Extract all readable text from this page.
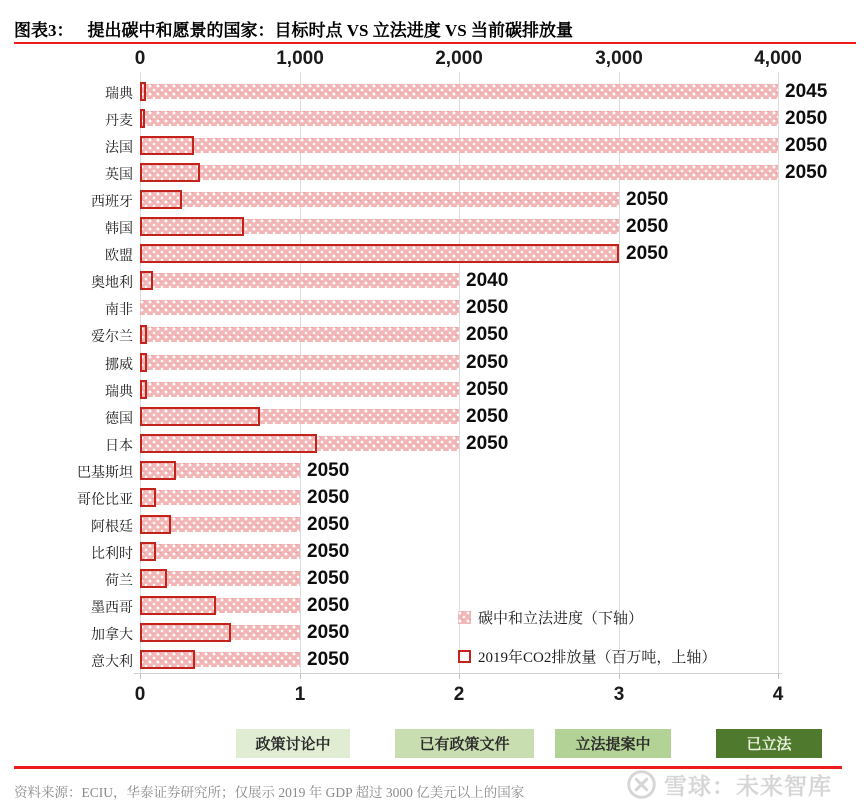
图表3： 提出碳中和愿景的国家：目标时点 VS 立法进度 VS 当前碳排放量
0
0
1,000
1
2,000
2
3,000
3
4,000
4
瑞典	2045
丹麦	2050
法国	2050
英国	2050
西班牙	2050
韩国	2050
欧盟	2050
奥地利	2040
南非	2050
爱尔兰	2050
挪威	2050
瑞典	2050
德国	2050
日本	2050
巴基斯坦	2050
哥伦比亚	2050
阿根廷	2050
比利时	2050
荷兰	2050
墨西哥	2050
加拿大	2050
意大利	2050
碳中和立法进度（下轴）
2019年CO2排放量（百万吨，上轴）
政策讨论中	已有政策文件	立法提案中	已立法
资料来源：ECIU，华泰证券研究所；仅展示 2019 年 GDP 超过 3000 亿美元以上的国家	雪球：未来智库
